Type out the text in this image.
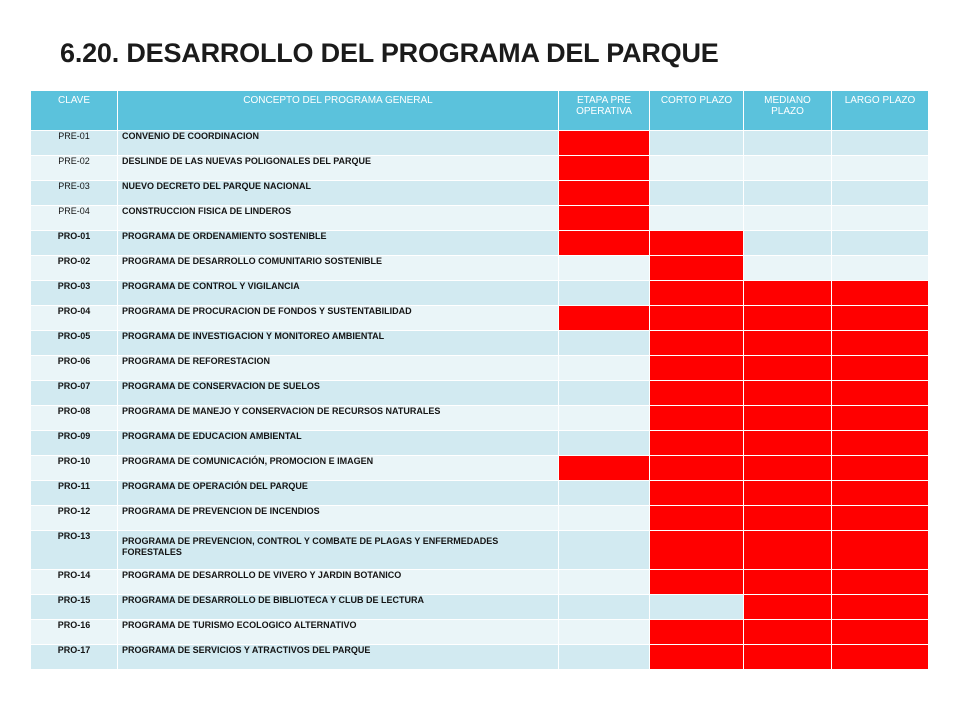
6.20. DESARROLLO DEL PROGRAMA DEL PARQUE
CLAVE	CONCEPTO DEL PROGRAMA GENERAL	ETAPA PRE OPERATIVA	CORTO PLAZO	MEDIANO PLAZO	LARGO PLAZO
PRE-01	CONVENIO DE COORDINACION				
PRE-02	DESLINDE DE LAS NUEVAS POLIGONALES DEL PARQUE				
PRE-03	NUEVO DECRETO DEL PARQUE NACIONAL				
PRE-04	CONSTRUCCION FISICA DE LINDEROS				
PRO-01	PROGRAMA DE ORDENAMIENTO SOSTENIBLE				
PRO-02	PROGRAMA DE DESARROLLO COMUNITARIO SOSTENIBLE				
PRO-03	PROGRAMA DE CONTROL Y VIGILANCIA				
PRO-04	PROGRAMA DE PROCURACION DE FONDOS Y SUSTENTABILIDAD				
PRO-05	PROGRAMA DE INVESTIGACION Y MONITOREO AMBIENTAL				
PRO-06	PROGRAMA DE REFORESTACION				
PRO-07	PROGRAMA DE CONSERVACION DE SUELOS				
PRO-08	PROGRAMA DE MANEJO Y CONSERVACION DE RECURSOS NATURALES				
PRO-09	PROGRAMA DE EDUCACION AMBIENTAL				
PRO-10	PROGRAMA DE COMUNICACIÓN, PROMOCION E IMAGEN				
PRO-11	PROGRAMA DE OPERACIÓN DEL PARQUE				
PRO-12	PROGRAMA DE PREVENCION DE INCENDIOS				
PRO-13	PROGRAMA DE PREVENCION, CONTROL Y COMBATE DE PLAGAS Y ENFERMEDADES FORESTALES				
PRO-14	PROGRAMA DE DESARROLLO DE VIVERO Y JARDIN BOTANICO				
PRO-15	PROGRAMA DE DESARROLLO DE BIBLIOTECA Y CLUB DE LECTURA				
PRO-16	PROGRAMA DE TURISMO ECOLOGICO ALTERNATIVO				
PRO-17	PROGRAMA DE SERVICIOS Y ATRACTIVOS DEL PARQUE				
